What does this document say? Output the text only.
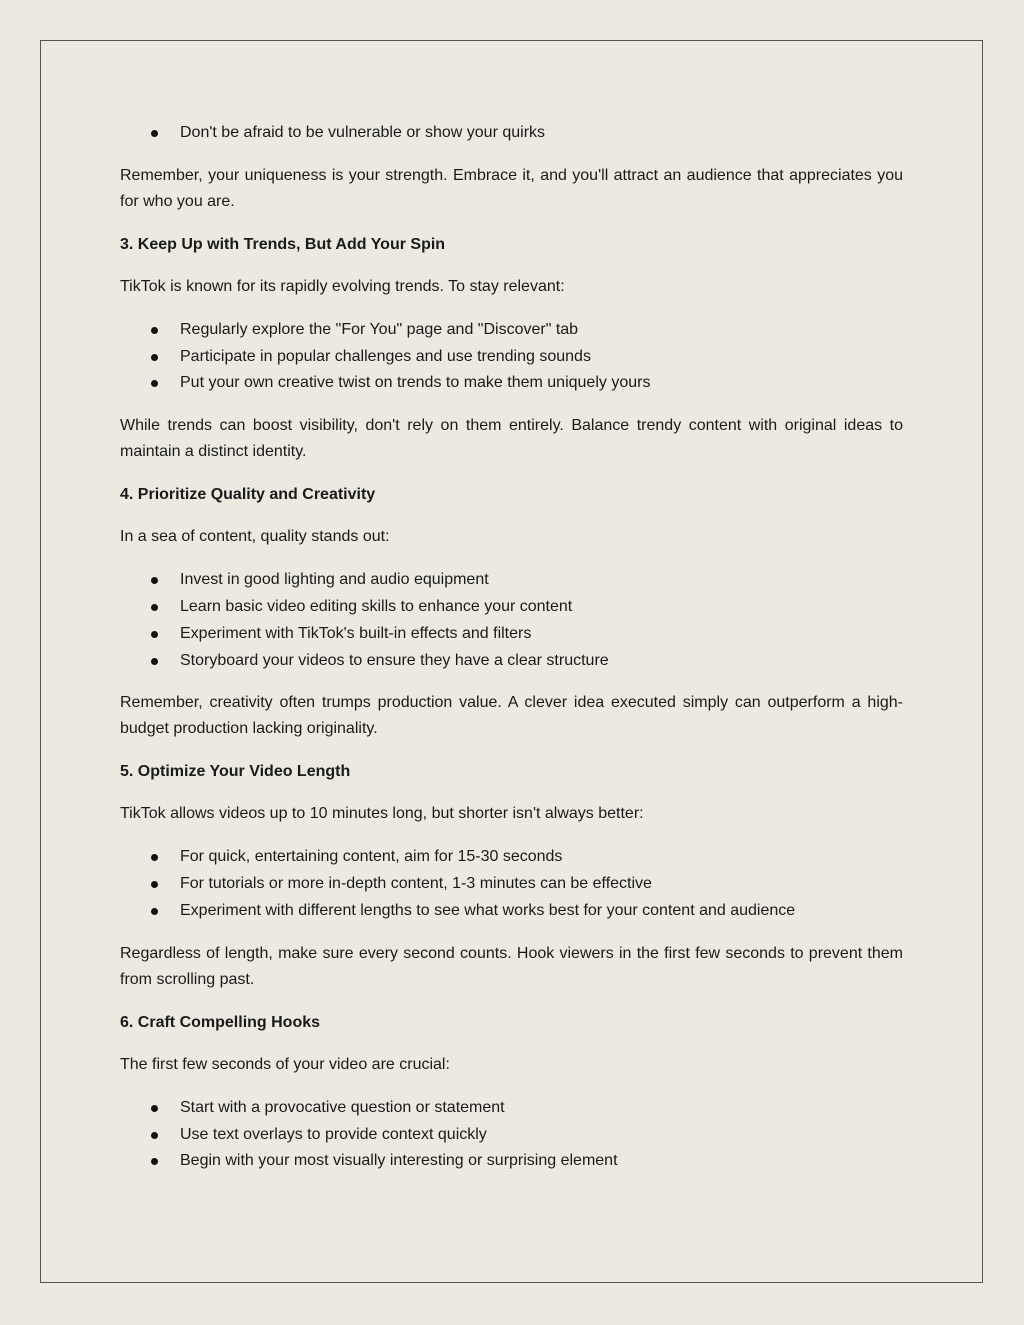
Don't be afraid to be vulnerable or show your quirks

Remember, your uniqueness is your strength. Embrace it, and you'll attract an audience that appreciates you for who you are.

3. Keep Up with Trends, But Add Your Spin

TikTok is known for its rapidly evolving trends. To stay relevant:

Regularly explore the "For You" page and "Discover" tab
Participate in popular challenges and use trending sounds
Put your own creative twist on trends to make them uniquely yours

While trends can boost visibility, don't rely on them entirely. Balance trendy content with original ideas to maintain a distinct identity.

4. Prioritize Quality and Creativity

In a sea of content, quality stands out:

Invest in good lighting and audio equipment
Learn basic video editing skills to enhance your content
Experiment with TikTok's built-in effects and filters
Storyboard your videos to ensure they have a clear structure

Remember, creativity often trumps production value. A clever idea executed simply can outperform a high-budget production lacking originality.

5. Optimize Your Video Length

TikTok allows videos up to 10 minutes long, but shorter isn't always better:

For quick, entertaining content, aim for 15-30 seconds
For tutorials or more in-depth content, 1-3 minutes can be effective
Experiment with different lengths to see what works best for your content and audience

Regardless of length, make sure every second counts. Hook viewers in the first few seconds to prevent them from scrolling past.

6. Craft Compelling Hooks

The first few seconds of your video are crucial:

Start with a provocative question or statement
Use text overlays to provide context quickly
Begin with your most visually interesting or surprising element
